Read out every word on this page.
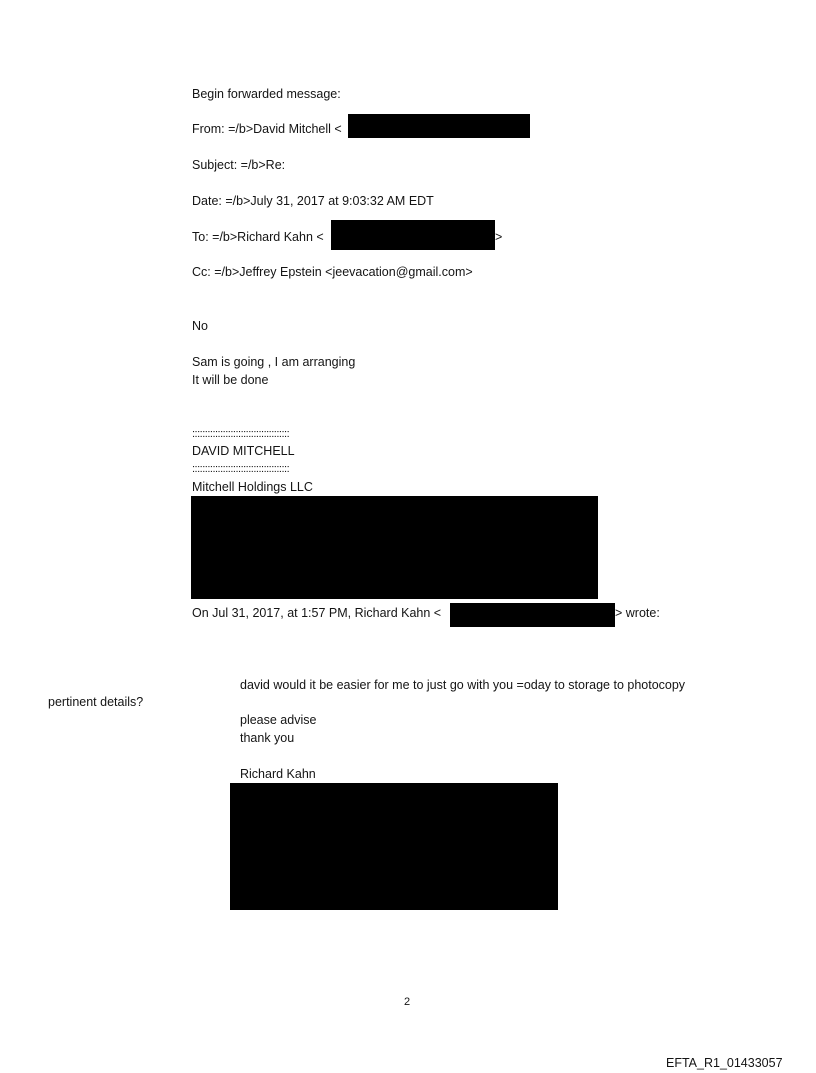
Begin forwarded message:
From: =/b>David Mitchell <
Subject: =/b>Re:
Date: =/b>July 31, 2017 at 9:03:32 AM EDT
To: =/b>Richard Kahn <	>
Cc: =/b>Jeffrey Epstein <jeevacation@gmail.com>
No
Sam is going , I am arranging
It will be done
::::::::::::::::::::::::::::::::::::::
DAVID MITCHELL
::::::::::::::::::::::::::::::::::::::
Mitchell Holdings LLC
On Jul 31, 2017, at 1:57 PM, Richard Kahn <	> wrote:
david would it be easier for me to just go with you =oday to storage to photocopy
pertinent details?
please advise
thank you
Richard Kahn
2
EFTA_R1_01433057
